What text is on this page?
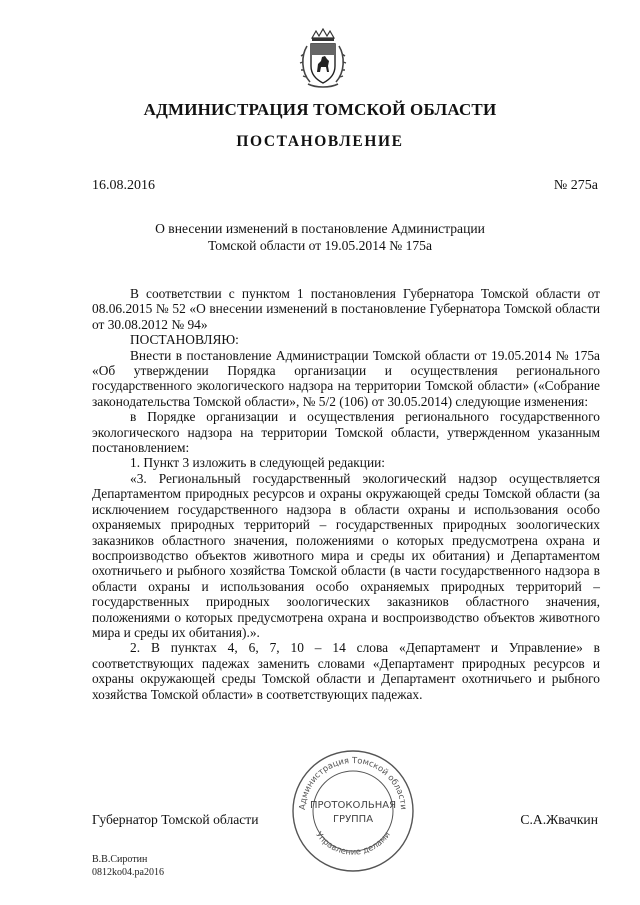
АДМИНИСТРАЦИЯ ТОМСКОЙ ОБЛАСТИ
ПОСТАНОВЛЕНИЕ
16.08.2016	№ 275а
О внесении изменений в постановление Администрации
Томской области от 19.05.2014 № 175а

В соответствии с пунктом 1 постановления Губернатора Томской области от 08.06.2015 № 52 «О внесении изменений в постановление Губернатора Томской области от 30.08.2012 № 94»

ПОСТАНОВЛЯЮ:

Внести в постановление Администрации Томской области от 19.05.2014 № 175а «Об утверждении Порядка организации и осуществления регионального государственного экологического надзора на территории Томской области» («Собрание законодательства Томской области», № 5/2 (106) от 30.05.2014) следующие изменения:

в Порядке организации и осуществления регионального государственного экологического надзора на территории Томской области, утвержденном указанным постановлением:

1. Пункт 3 изложить в следующей редакции:

«3. Региональный государственный экологический надзор осуществляется Департаментом природных ресурсов и охраны окружающей среды Томской области (за исключением государственного надзора в области охраны и использования особо охраняемых природных территорий – государственных природных зоологических заказников областного значения, положениями о которых предусмотрена охрана и воспроизводство объектов животного мира и среды их обитания) и Департаментом охотничьего и рыбного хозяйства Томской области (в части государственного надзора в области охраны и использования особо охраняемых природных территорий – государственных природных зоологических заказников областного значения, положениями о которых предусмотрена охрана и воспроизводство объектов животного мира и среды их обитания).».

2. В пунктах 4, 6, 7, 10 – 14 слова «Департамент и Управление» в соответствующих падежах заменить словами «Департамент природных ресурсов и охраны окружающей среды Томской области и Департамент охотничьего и рыбного хозяйства Томской области» в соответствующих падежах.

Губернатор Томской области
Администрация Томской области
Управление делами
ПРОТОКОЛЬНАЯ
ГРУППА	С.А.Жвачкин
В.В.Сиротин
0812ko04.pa2016
